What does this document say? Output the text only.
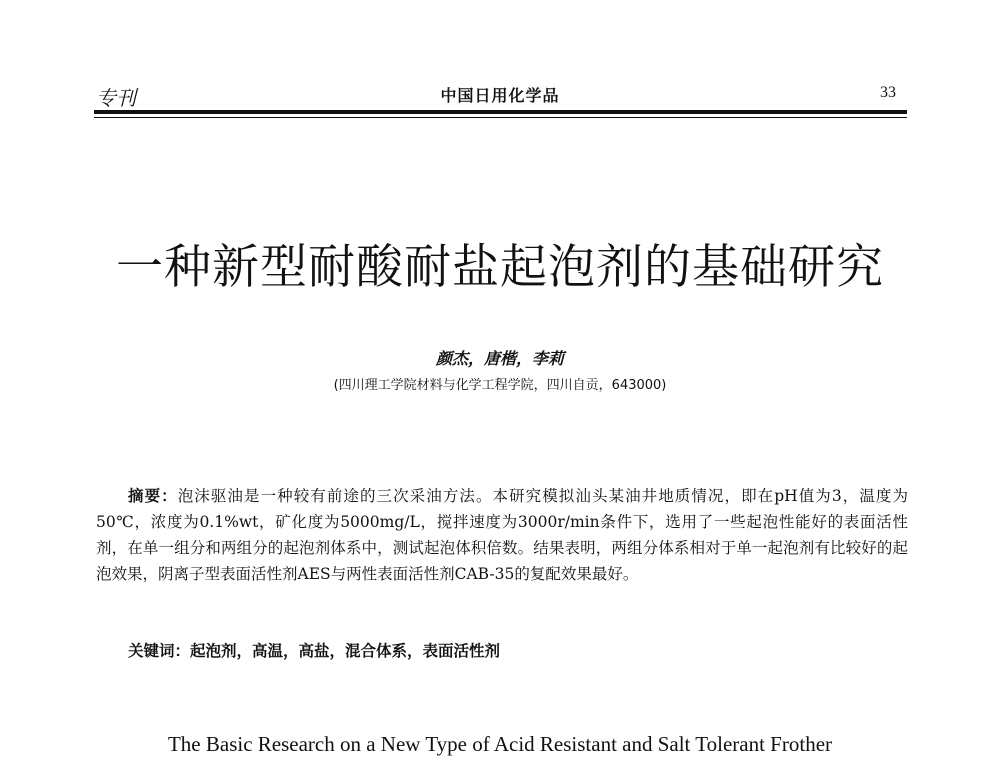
专刊	中国日用化学品	33
一种新型耐酸耐盐起泡剂的基础研究
颜杰，唐楷，李莉
(四川理工学院材料与化学工程学院，四川自贡，643000)

摘要：泡沫驱油是一种较有前途的三次采油方法。本研究模拟汕头某油井地质情况，即在pH值为3，温度为50℃，浓度为0.1%wt，矿化度为5000mg/L，搅拌速度为3000r/min条件下，选用了一些起泡性能好的表面活性剂，在单一组分和两组分的起泡剂体系中，测试起泡体积倍数。结果表明，两组分体系相对于单一起泡剂有比较好的起泡效果，阴离子型表面活性剂AES与两性表面活性剂CAB-35的复配效果最好。

关键词：起泡剂，高温，高盐，混合体系，表面活性剂
The Basic Research on a New Type of Acid Resistant and Salt Tolerant Frother
